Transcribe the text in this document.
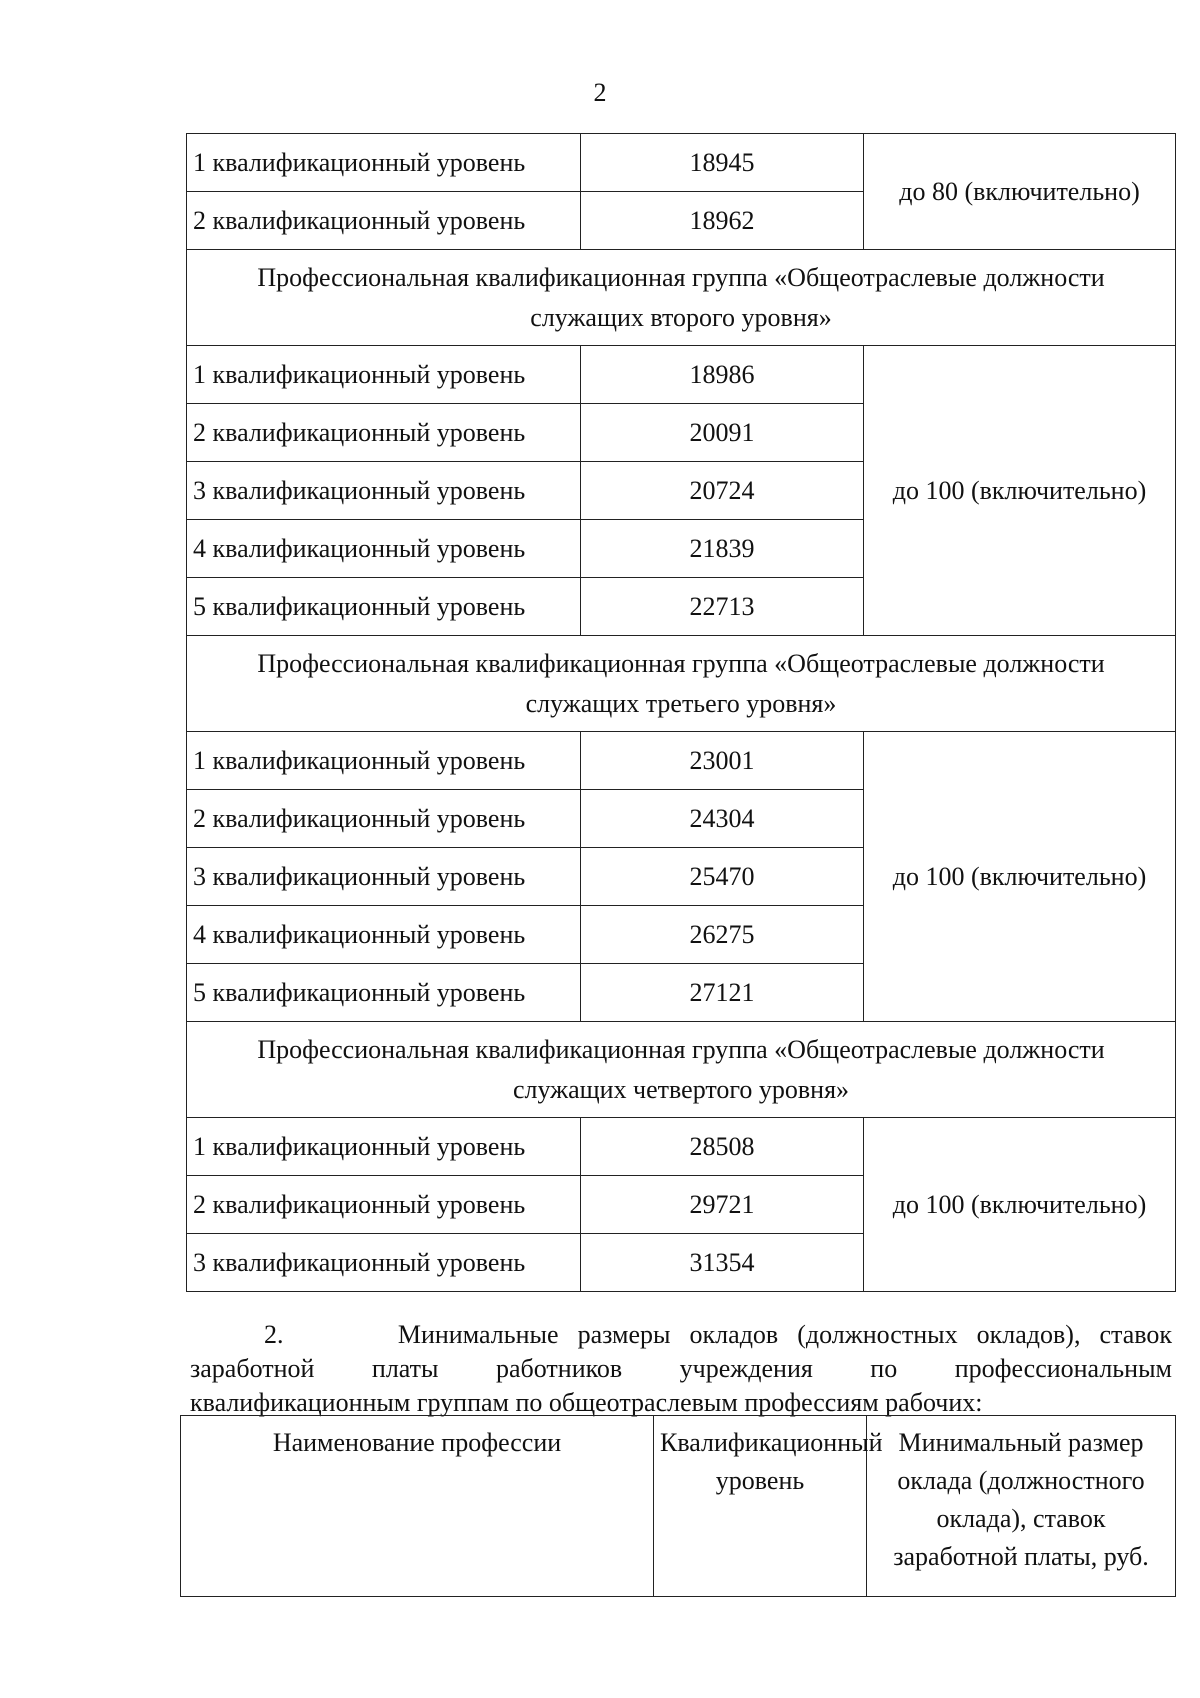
2
1 квалификационный уровень	18945	до 80 (включительно)
2 квалификационный уровень	18962	
Профессиональная квалификационная группа «Общеотраслевые должности служащих второго уровня»		
1 квалификационный уровень	18986	до 100 (включительно)
2 квалификационный уровень	20091	
3 квалификационный уровень	20724	
4 квалификационный уровень	21839	
5 квалификационный уровень	22713	
Профессиональная квалификационная группа «Общеотраслевые должности служащих третьего уровня»		
1 квалификационный уровень	23001	до 100 (включительно)
2 квалификационный уровень	24304	
3 квалификационный уровень	25470	
4 квалификационный уровень	26275	
5 квалификационный уровень	27121	
Профессиональная квалификационная группа «Общеотраслевые должности служащих четвертого уровня»		
1 квалификационный уровень	28508	до 100 (включительно)
2 квалификационный уровень	29721	
3 квалификационный уровень	31354	
2.	Минимальные размеры окладов (должностных окладов), ставок
заработной платы работников учреждения по профессиональным
квалификационным группам по общеотраслевым профессиям рабочих:
Наименование профессии	Квалификационный уровень	Минимальный размер оклада (должностного оклада), ставок заработной платы, руб.
